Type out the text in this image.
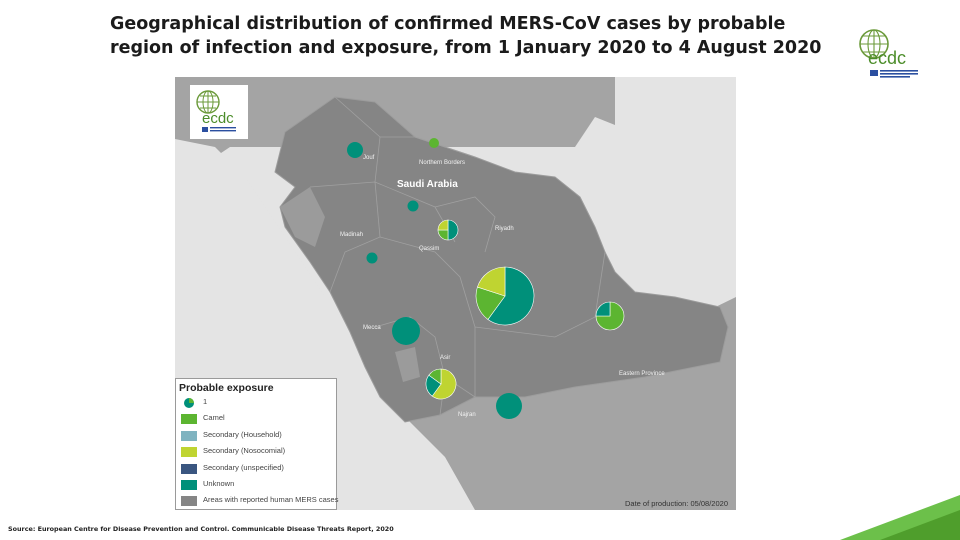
Geographical distribution of confirmed MERS-CoV cases by probable
region of infection and exposure, from 1 January 2020 to 4 August 2020	ecdc
Saudi Arabia
Jouf
Northern Borders
Madinah
Qassim
Riyadh
Mecca
Asir
Eastern Province
Najran
ecdc
Probable exposure
1
Camel
Secondary (Household)
Secondary (Nosocomial)
Secondary (unspecified)
Unknown
Areas with reported human MERS cases	Date of production: 05/08/2020
Source: European Centre for Disease Prevention and Control. Communicable Disease Threats Report, 2020
